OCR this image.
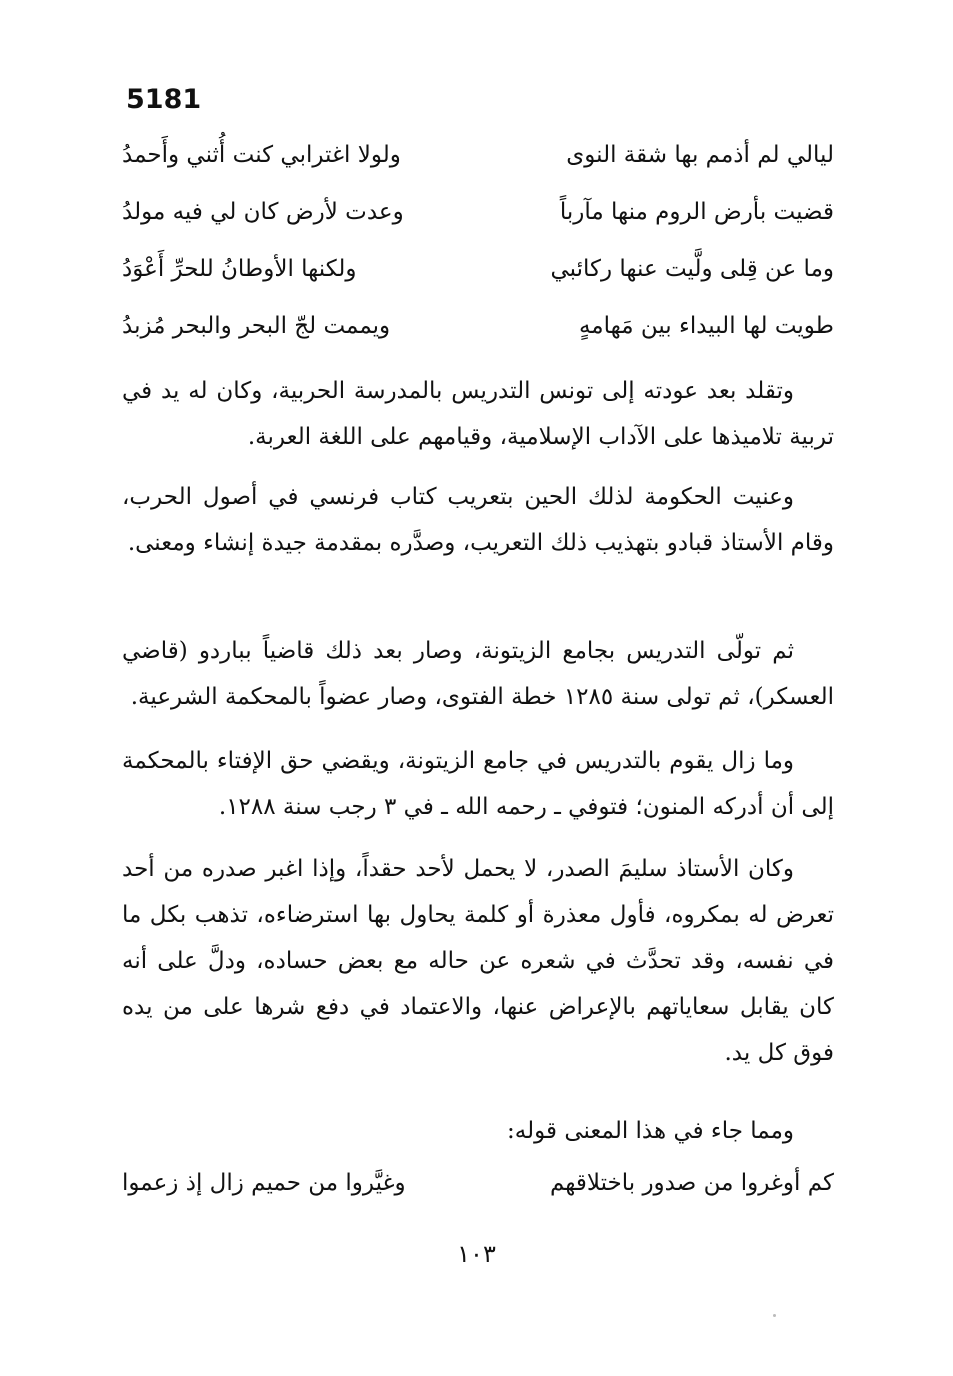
5181
ليالي لم أذمم بها شقة النوى
ولولا اغترابي كنت أُثني وأَحمدُ
قضيت بأرض الروم منها مآرباً
وعدت لأرض كان لي فيه مولدُ
وما عن قِلى ولَّيت عنها ركائبي
ولكنها الأوطانُ للحرِّ أَعْوَدُ
طويت لها البيداء بين مَهامهٍ
ويممت لجّ البحر والبحر مُزبدُ

وتقلد بعد عودته إلى تونس التدريس بالمدرسة الحربية، وكان له يد في تربية تلاميذها على الآداب الإسلامية، وقيامهم على اللغة العربة.

وعنيت الحكومة لذلك الحين بتعريب كتاب فرنسي في أصول الحرب، وقام الأستاذ قبادو بتهذيب ذلك التعريب، وصدَّره بمقدمة جيدة إنشاء ومعنى.

ثم تولّى التدريس بجامع الزيتونة، وصار بعد ذلك قاضياً بباردو (قاضي العسكر)، ثم تولى سنة ١٢٨٥ خطة الفتوى، وصار عضواً بالمحكمة الشرعية.

وما زال يقوم بالتدريس في جامع الزيتونة، ويقضي حق الإفتاء بالمحكمة إلى أن أدركه المنون؛ فتوفي ـ رحمه الله ـ في ٣ رجب سنة ١٢٨٨.

وكان الأستاذ سليمَ الصدر، لا يحمل لأحد حقداً، وإذا اغبر صدره من أحد تعرض له بمكروه، فأول معذرة أو كلمة يحاول بها استرضاءه، تذهب بكل ما في نفسه، وقد تحدَّث في شعره عن حاله مع بعض حساده، ودلَّ على أنه كان يقابل سعاياتهم بالإعراض عنها، والاعتماد في دفع شرها على من يده فوق كل يد.

ومما جاء في هذا المعنى قوله:

كم أوغروا من صدور باختلاقهم
وغيَّروا من حميم زال إذ زعموا
١٠٣
